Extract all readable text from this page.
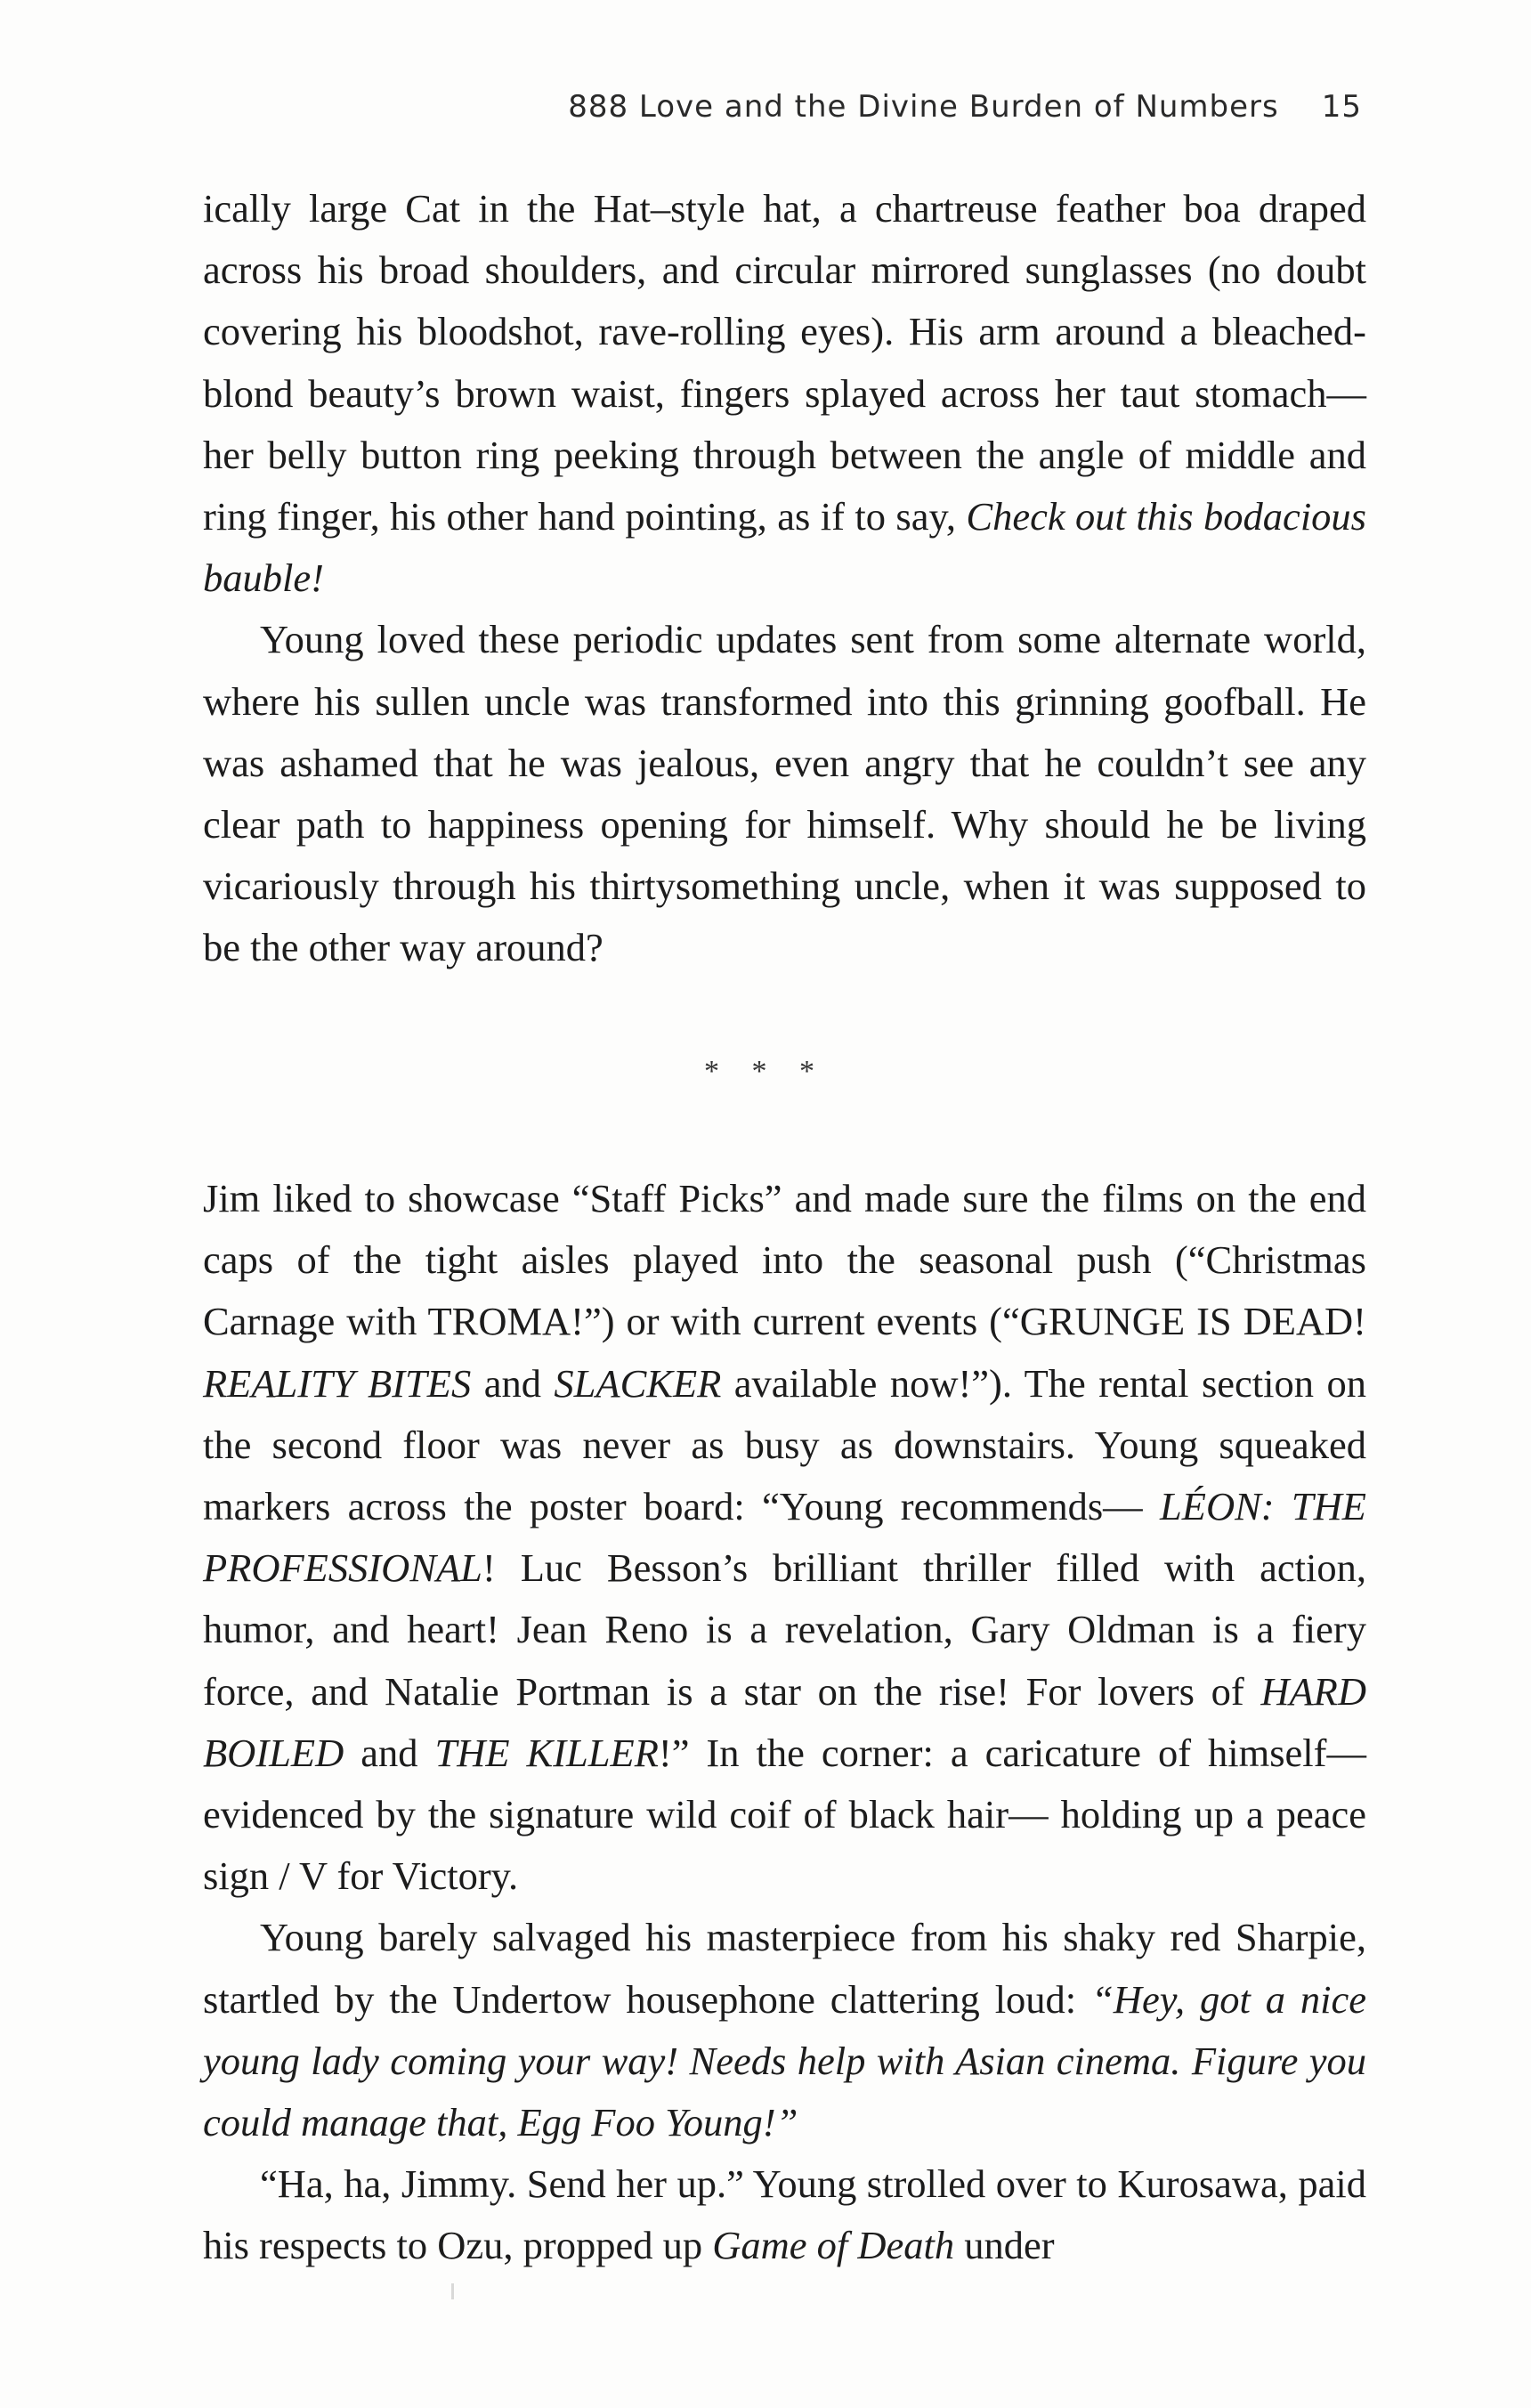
888 Love and the Divine Burden of Numbers 15

ically large Cat in the Hat–style hat, a chartreuse feather boa draped across his broad shoulders, and circular mirrored sunglasses (no doubt covering his bloodshot, rave-rolling eyes). His arm around a bleached-blond beauty’s brown waist, fingers splayed across her taut stomach—her belly button ring peeking through between the angle of middle and ring finger, his other hand pointing, as if to say, Check out this bodacious bauble!

Young loved these periodic updates sent from some alternate world, where his sullen uncle was transformed into this grinning goofball. He was ashamed that he was jealous, even angry that he couldn’t see any clear path to happiness opening for himself. Why should he be living vicariously through his thirtysomething uncle, when it was supposed to be the other way around?

* * *

Jim liked to showcase “Staff Picks” and made sure the films on the end caps of the tight aisles played into the seasonal push (“Christmas Carnage with TROMA!”) or with current events (“GRUNGE IS DEAD! REALITY BITES and SLACKER available now!”). The rental section on the second floor was never as busy as downstairs. Young squeaked markers across the poster board: “Young recommends— LÉON: THE PROFESSIONAL! Luc Besson’s brilliant thriller filled with action, humor, and heart! Jean Reno is a revelation, Gary Oldman is a fiery force, and Natalie Portman is a star on the rise! For lovers of HARD BOILED and THE KILLER!” In the corner: a caricature of himself—evidenced by the signature wild coif of black hair— holding up a peace sign / V for Victory.

Young barely salvaged his masterpiece from his shaky red Sharpie, startled by the Undertow housephone clattering loud: “Hey, got a nice young lady coming your way! Needs help with Asian cinema. Figure you could manage that, Egg Foo Young!”

“Ha, ha, Jimmy. Send her up.” Young strolled over to Kurosawa, paid his respects to Ozu, propped up Game of Death under
